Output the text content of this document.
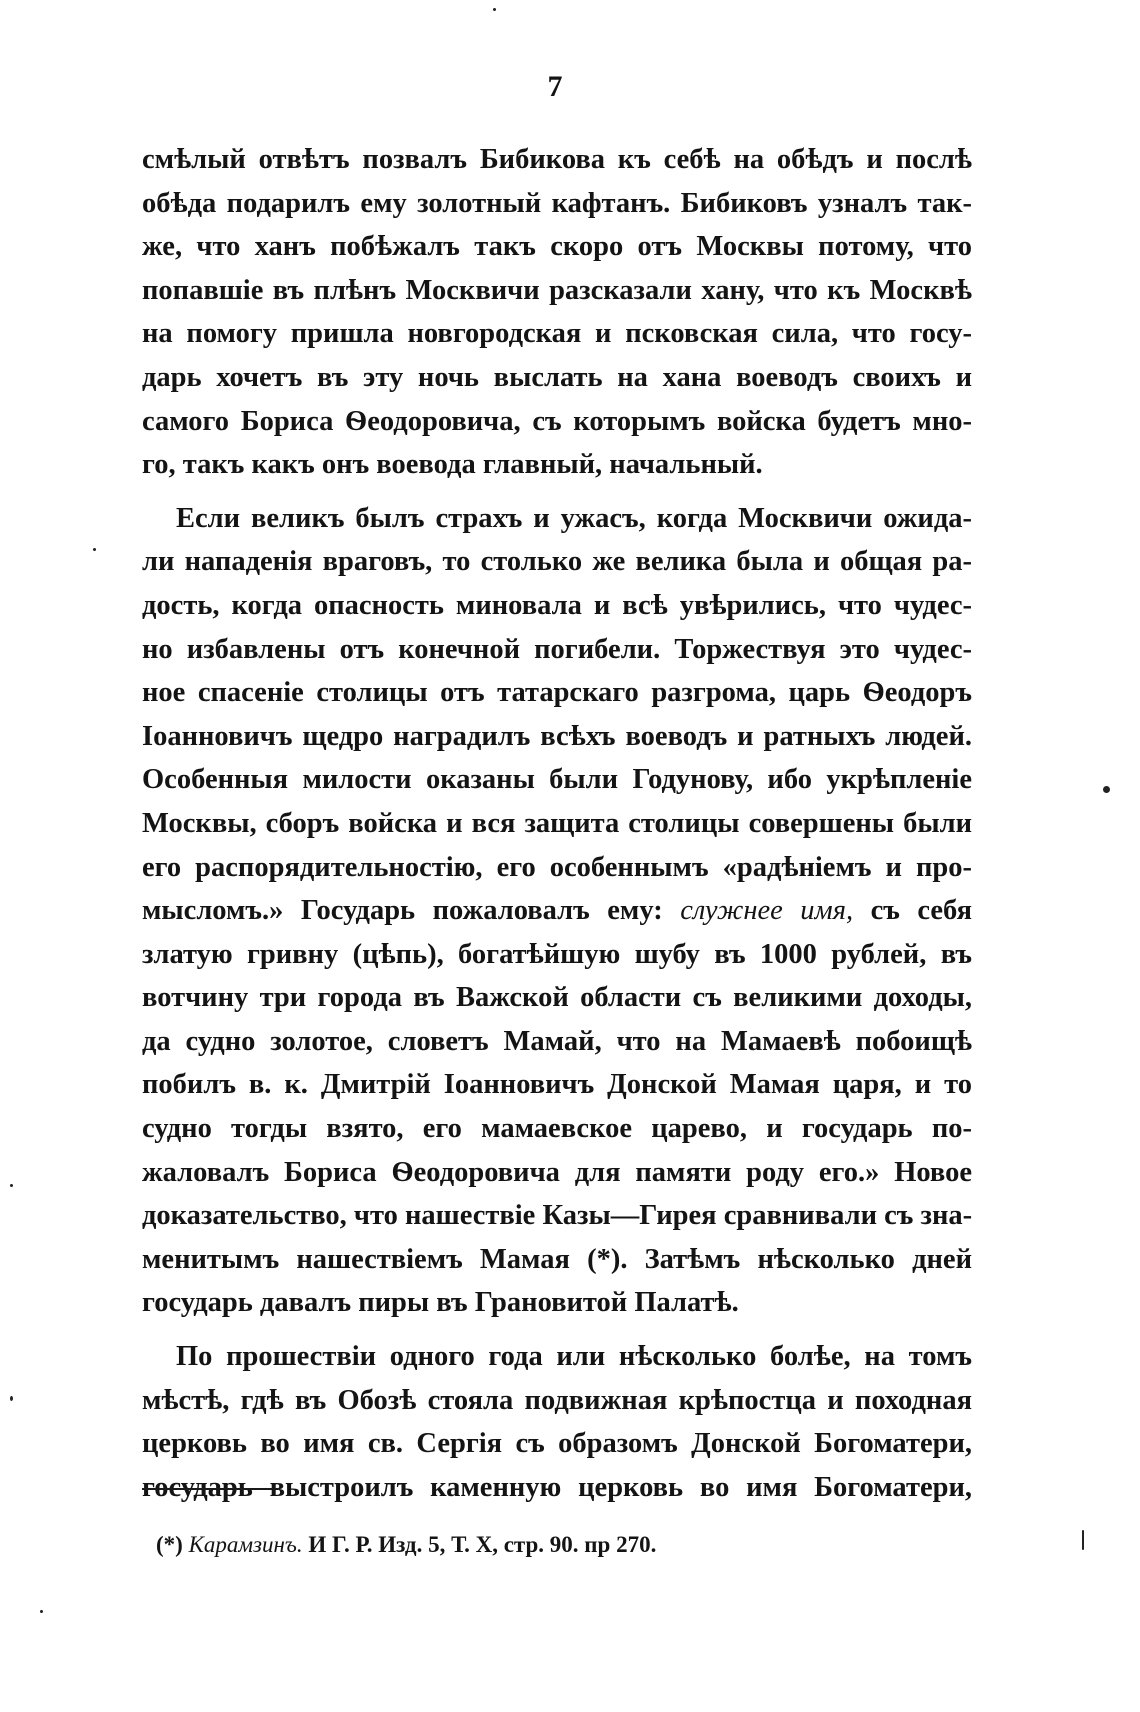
7
смѣлый отвѣтъ позвалъ Бибикова къ себѣ на обѣдъ и послѣ
обѣда подарилъ ему золотный кафтанъ. Бибиковъ узналъ так-
же, что ханъ побѣжалъ такъ скоро отъ Москвы потому, что
попавшіе въ плѣнъ Москвичи разсказали хану, что къ Москвѣ
на помогу пришла новгородская и псковская сила, что госу-
дарь хочетъ въ эту ночь выслать на хана воеводъ своихъ и
самого Бориса Ѳеодоровича, съ которымъ войска будетъ мно-
го, такъ какъ онъ воевода главный, начальный.
Если великъ былъ страхъ и ужасъ, когда Москвичи ожида-
ли нападенія враговъ, то столько же велика была и общая ра-
дость, когда опасность миновала и всѣ увѣрились, что чудес-
но избавлены отъ конечной погибели. Торжествуя это чудес-
ное спасеніе столицы отъ татарскаго разгрома, царь Ѳеодоръ
Іоанновичъ щедро наградилъ всѣхъ воеводъ и ратныхъ людей.
Особенныя милости оказаны были Годунову, ибо укрѣпленіе
Москвы, сборъ войска и вся защита столицы совершены были
его распорядительностію, его особеннымъ «радѣніемъ и про-
мысломъ.» Государь пожаловалъ ему: служнее имя, съ себя
златую гривну (цѣпь), богатѣйшую шубу въ 1000 рублей, въ
вотчину три города въ Важской области съ великими доходы,
да судно золотое, словетъ Мамай, что на Мамаевѣ побоищѣ
побилъ в. к. Дмитрій Іоанновичъ Донской Мамая царя, и то
судно тогды взято, его мамаевское царево, и государь по-
жаловалъ Бориса Ѳеодоровича для памяти роду его.» Новое
доказательство, что нашествіе Казы—Гирея сравнивали съ зна-
менитымъ нашествіемъ Мамая (*). Затѣмъ нѣсколько дней
государь давалъ пиры въ Грановитой Палатѣ.
По прошествіи одного года или нѣсколько болѣе, на томъ
мѣстѣ, гдѣ въ Обозѣ стояла подвижная крѣпостца и походная
церковь во имя св. Сергія съ образомъ Донской Богоматери,
государь выстроилъ каменную церковь во имя Богоматери,
(*) Карамзинъ. И Г. Р. Изд. 5, Т. X, стр. 90. пр 270.
